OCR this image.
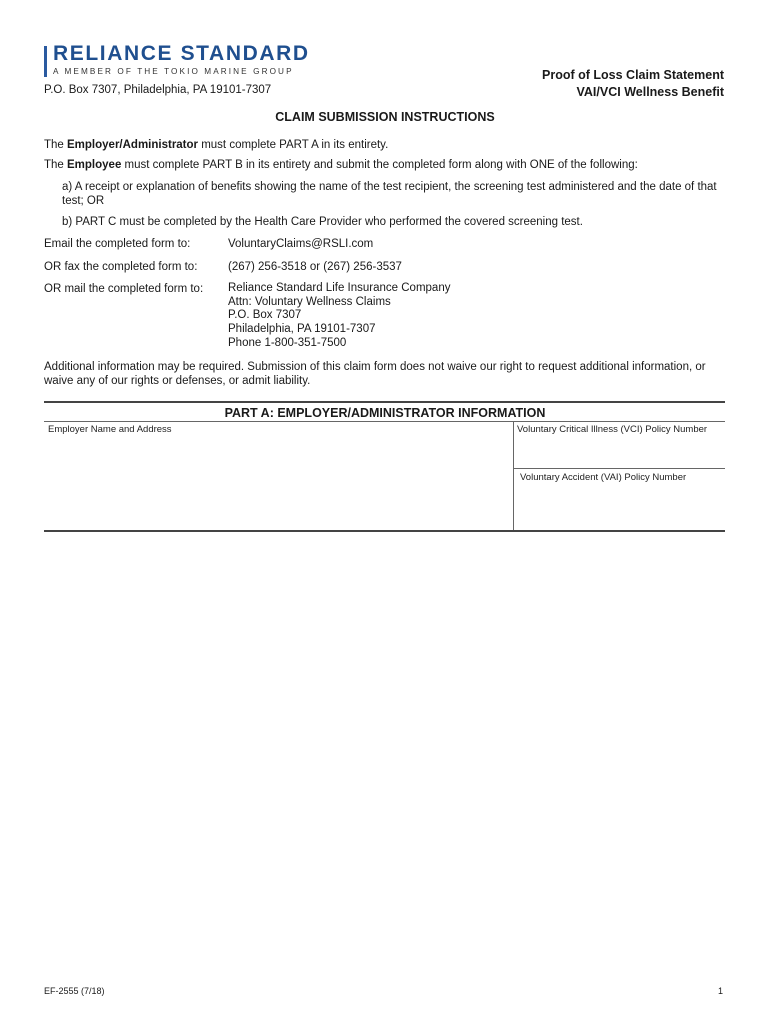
RELIANCE STANDARD
A MEMBER OF THE TOKIO MARINE GROUP
P.O. Box 7307, Philadelphia, PA 19101-7307
Proof of Loss Claim Statement
VAI/VCI Wellness Benefit
CLAIM SUBMISSION INSTRUCTIONS
The Employer/Administrator must complete PART A in its entirety.
The Employee must complete PART B in its entirety and submit the completed form along with ONE of the following:
a) A receipt or explanation of benefits showing the name of the test recipient, the screening test administered and the date of that test; OR
b) PART C must be completed by the Health Care Provider who performed the covered screening test.
Email the completed form to:	VoluntaryClaims@RSLI.com
OR fax the completed form to:	(267) 256-3518 or (267) 256-3537
OR mail the completed form to: Reliance Standard Life Insurance Company
Attn: Voluntary Wellness Claims
P.O. Box 7307
Philadelphia, PA 19101-7307
Phone 1-800-351-7500
Additional information may be required. Submission of this claim form does not waive our right to request additional information, or waive any of our rights or defenses, or admit liability.
PART A: EMPLOYER/ADMINISTRATOR INFORMATION
Employer Name and Address	Voluntary Critical Illness (VCI) Policy Number
Voluntary Accident (VAI) Policy Number
EF-2555 (7/18)	1
